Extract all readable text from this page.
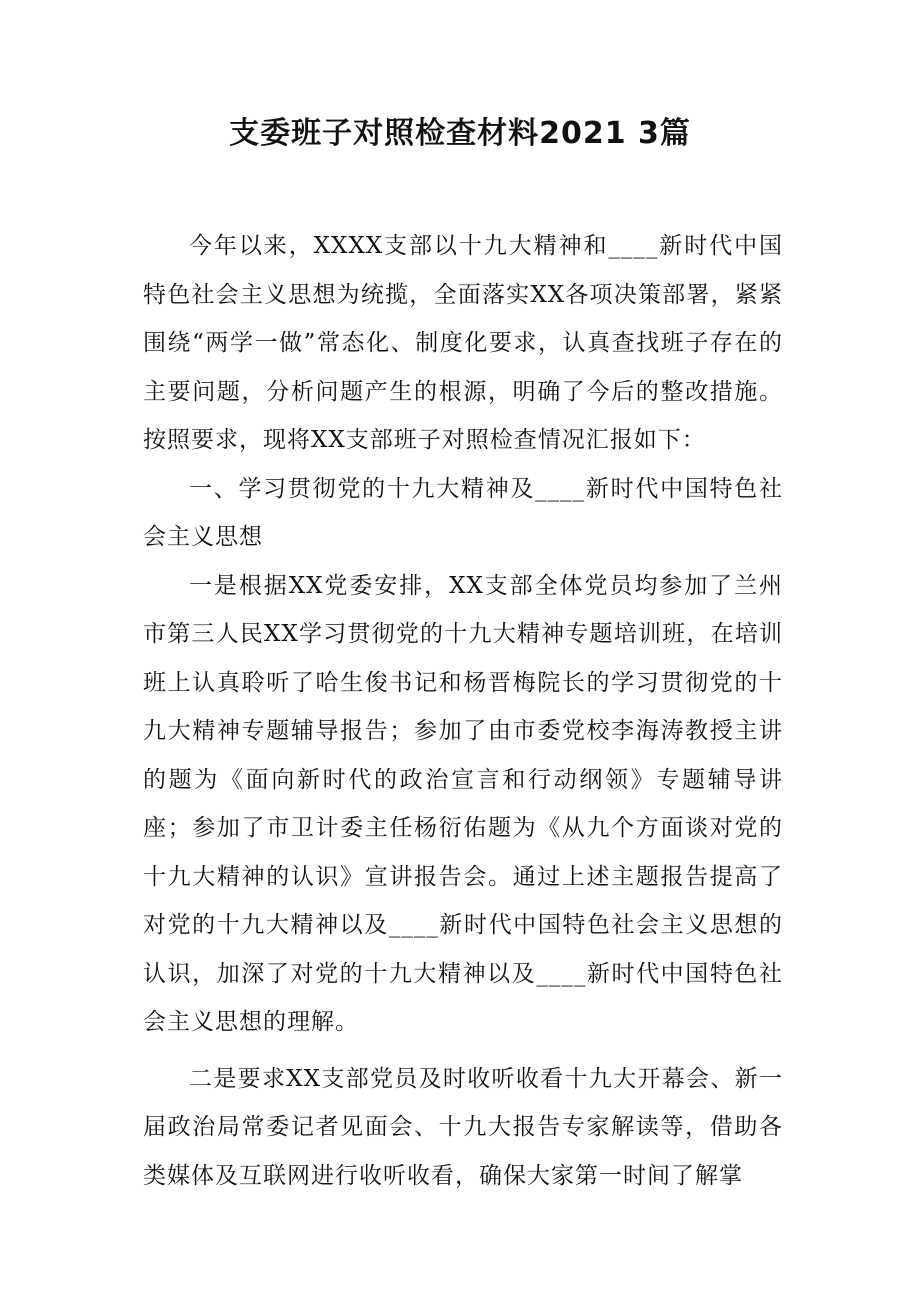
支委班子对照检查材料2021 3篇

今年以来，XXXX支部以十九大精神和____新时代中国特色社会主义思想为统揽，全面落实XX各项决策部署，紧紧围绕“两学一做”常态化、制度化要求，认真查找班子存在的主要问题，分析问题产生的根源，明确了今后的整改措施。按照要求，现将XX支部班子对照检查情况汇报如下：

一、学习贯彻党的十九大精神及____新时代中国特色社会主义思想

一是根据XX党委安排，XX支部全体党员均参加了兰州市第三人民XX学习贯彻党的十九大精神专题培训班，在培训班上认真聆听了哈生俊书记和杨晋梅院长的学习贯彻党的十九大精神专题辅导报告；参加了由市委党校李海涛教授主讲的题为《面向新时代的政治宣言和行动纲领》专题辅导讲座；参加了市卫计委主任杨衍佑题为《从九个方面谈对党的十九大精神的认识》宣讲报告会。通过上述主题报告提高了对党的十九大精神以及____新时代中国特色社会主义思想的认识，加深了对党的十九大精神以及____新时代中国特色社会主义思想的理解。

二是要求XX支部党员及时收听收看十九大开幕会、新一届政治局常委记者见面会、十九大报告专家解读等，借助各类媒体及互联网进行收听收看，确保大家第一时间了解掌
